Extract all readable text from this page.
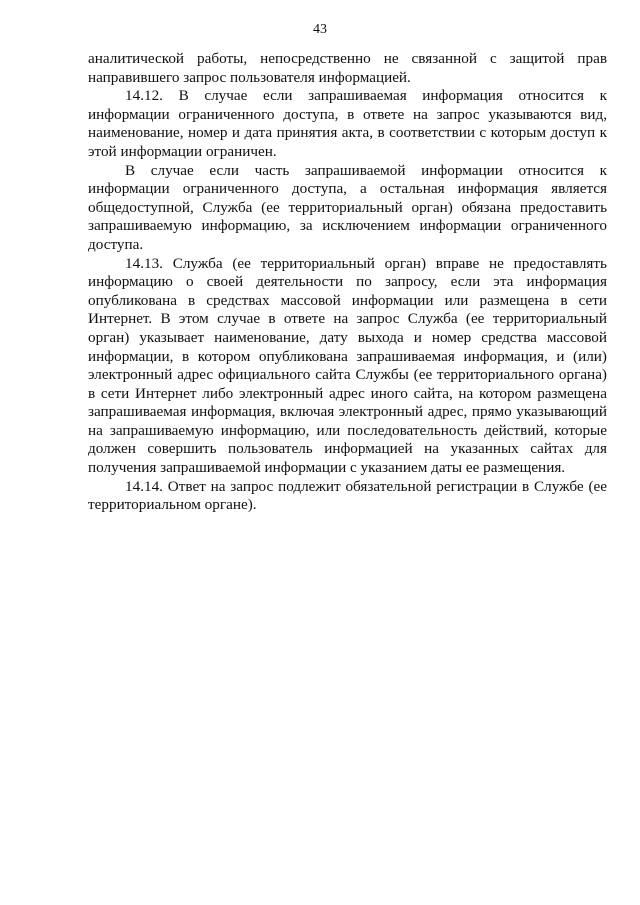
43

аналитической работы, непосредственно не связанной с защитой прав направившего запрос пользователя информацией.

14.12. В случае если запрашиваемая информация относится к информации ограниченного доступа, в ответе на запрос указываются вид, наименование, номер и дата принятия акта, в соответствии с которым доступ к этой информации ограничен.

В случае если часть запрашиваемой информации относится к информации ограниченного доступа, а остальная информация является общедоступной, Служба (ее территориальный орган) обязана предоставить запрашиваемую информацию, за исключением информации ограниченного доступа.

14.13. Служба (ее территориальный орган) вправе не предоставлять информацию о своей деятельности по запросу, если эта информация опубликована в средствах массовой информации или размещена в сети Интернет. В этом случае в ответе на запрос Служба (ее территориальный орган) указывает наименование, дату выхода и номер средства массовой информации, в котором опубликована запрашиваемая информация, и (или) электронный адрес официального сайта Службы (ее территориального органа) в сети Интернет либо электронный адрес иного сайта, на котором размещена запрашиваемая информация, включая электронный адрес, прямо указывающий на запрашиваемую информацию, или последовательность действий, которые должен совершить пользователь информацией на указанных сайтах для получения запрашиваемой информации с указанием даты ее размещения.

14.14. Ответ на запрос подлежит обязательной регистрации в Службе (ее территориальном органе).
